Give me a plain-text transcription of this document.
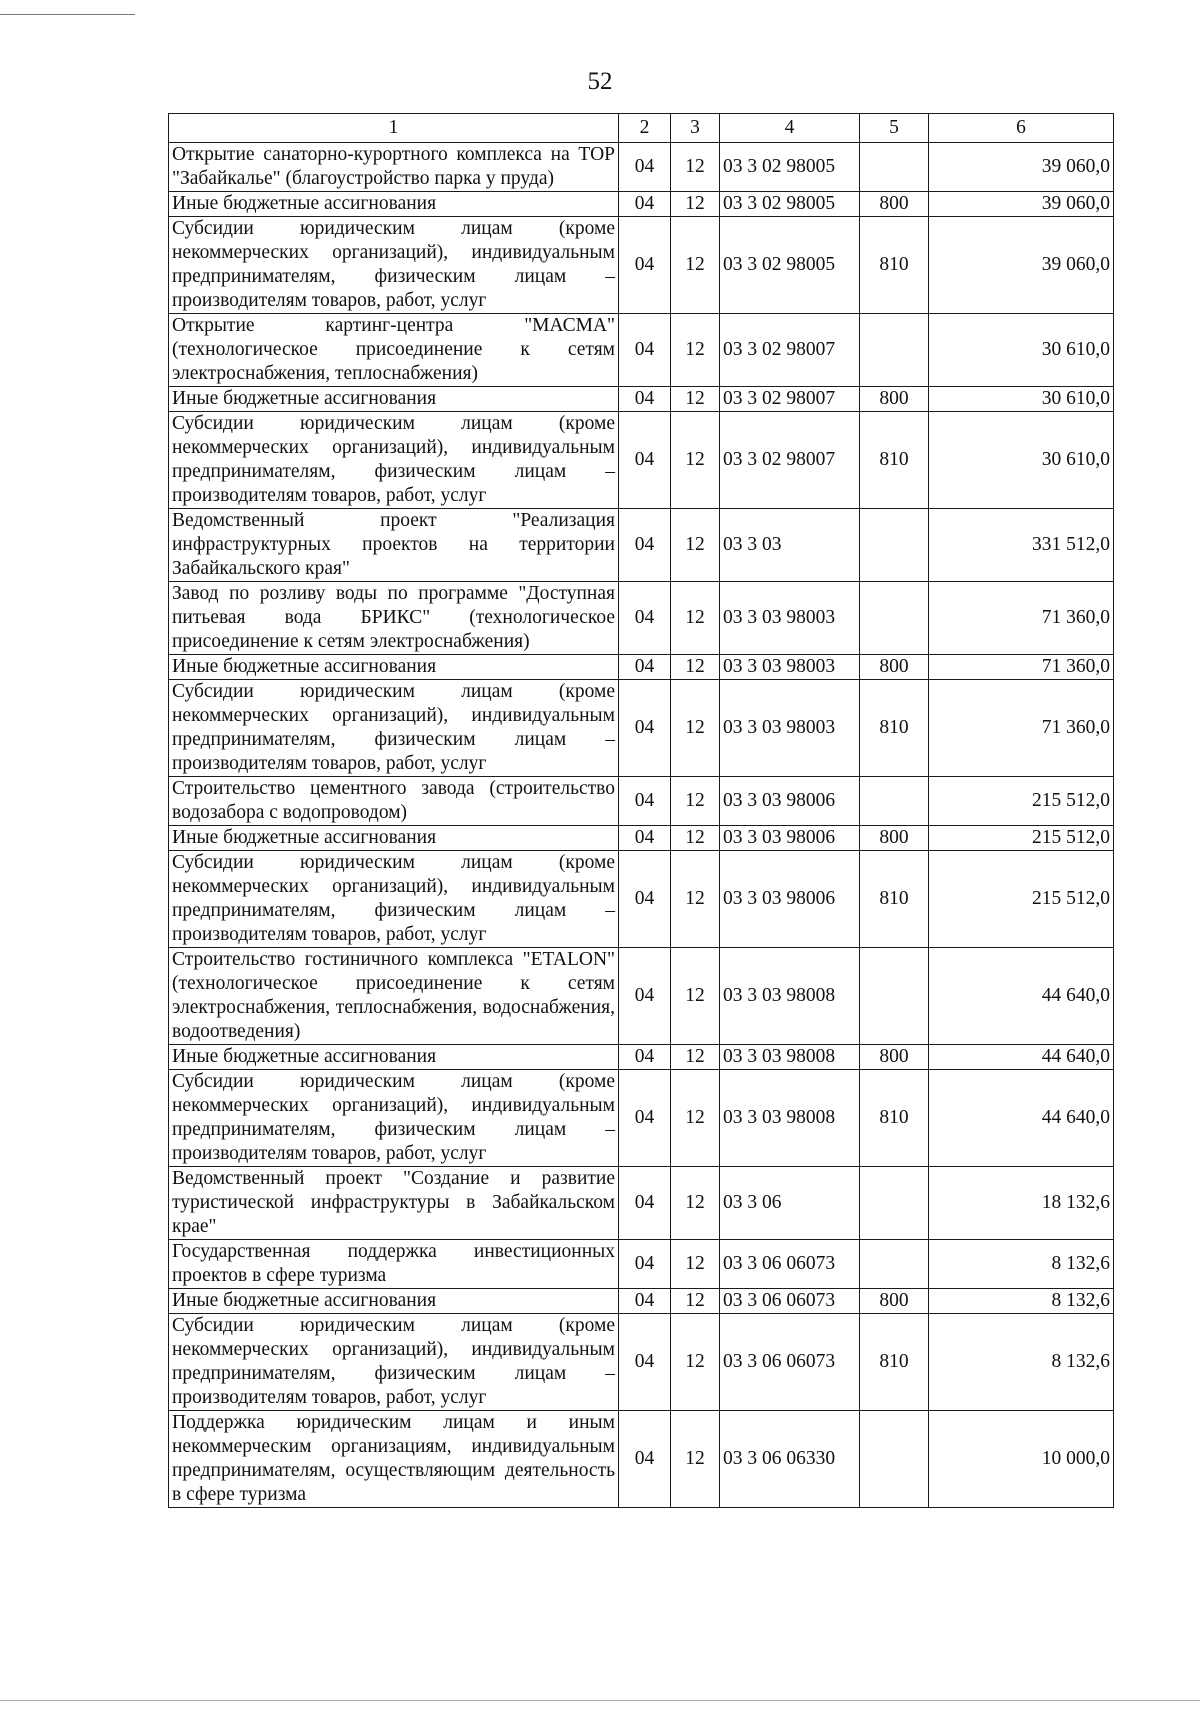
52
1	2	3	4	5	6
Открытие санаторно-курортного комплекса на ТОР "Забайкалье" (благоустройство парка у пруда)	04	12	03 3 02 98005		39 060,0
Иные бюджетные ассигнования	04	12	03 3 02 98005	800	39 060,0
Субсидии юридическим лицам (кроме некоммерческих организаций), индивидуальным предпринимателям, физическим лицам – производителям товаров, работ, услуг	04	12	03 3 02 98005	810	39 060,0
Открытие картинг-центра "МАСМА" (технологическое присоединение к сетям электроснабжения, теплоснабжения)	04	12	03 3 02 98007		30 610,0
Иные бюджетные ассигнования	04	12	03 3 02 98007	800	30 610,0
Субсидии юридическим лицам (кроме некоммерческих организаций), индивидуальным предпринимателям, физическим лицам – производителям товаров, работ, услуг	04	12	03 3 02 98007	810	30 610,0
Ведомственный проект "Реализация инфраструктурных проектов на территории Забайкальского края"	04	12	03 3 03		331 512,0
Завод по розливу воды по программе "Доступная питьевая вода БРИКС" (технологическое присоединение к сетям электроснабжения)	04	12	03 3 03 98003		71 360,0
Иные бюджетные ассигнования	04	12	03 3 03 98003	800	71 360,0
Субсидии юридическим лицам (кроме некоммерческих организаций), индивидуальным предпринимателям, физическим лицам – производителям товаров, работ, услуг	04	12	03 3 03 98003	810	71 360,0
Строительство цементного завода (строительство водозабора с водопроводом)	04	12	03 3 03 98006		215 512,0
Иные бюджетные ассигнования	04	12	03 3 03 98006	800	215 512,0
Субсидии юридическим лицам (кроме некоммерческих организаций), индивидуальным предпринимателям, физическим лицам – производителям товаров, работ, услуг	04	12	03 3 03 98006	810	215 512,0
Строительство гостиничного комплекса "ETALON" (технологическое присоединение к сетям электроснабжения, теплоснабжения, водоснабжения, водоотведения)	04	12	03 3 03 98008		44 640,0
Иные бюджетные ассигнования	04	12	03 3 03 98008	800	44 640,0
Субсидии юридическим лицам (кроме некоммерческих организаций), индивидуальным предпринимателям, физическим лицам – производителям товаров, работ, услуг	04	12	03 3 03 98008	810	44 640,0
Ведомственный проект "Создание и развитие туристической инфраструктуры в Забайкальском крае"	04	12	03 3 06		18 132,6
Государственная поддержка инвестиционных проектов в сфере туризма	04	12	03 3 06 06073		8 132,6
Иные бюджетные ассигнования	04	12	03 3 06 06073	800	8 132,6
Субсидии юридическим лицам (кроме некоммерческих организаций), индивидуальным предпринимателям, физическим лицам – производителям товаров, работ, услуг	04	12	03 3 06 06073	810	8 132,6
Поддержка юридическим лицам и иным некоммерческим организациям, индивидуальным предпринимателям, осуществляющим деятельность в сфере туризма	04	12	03 3 06 06330		10 000,0
